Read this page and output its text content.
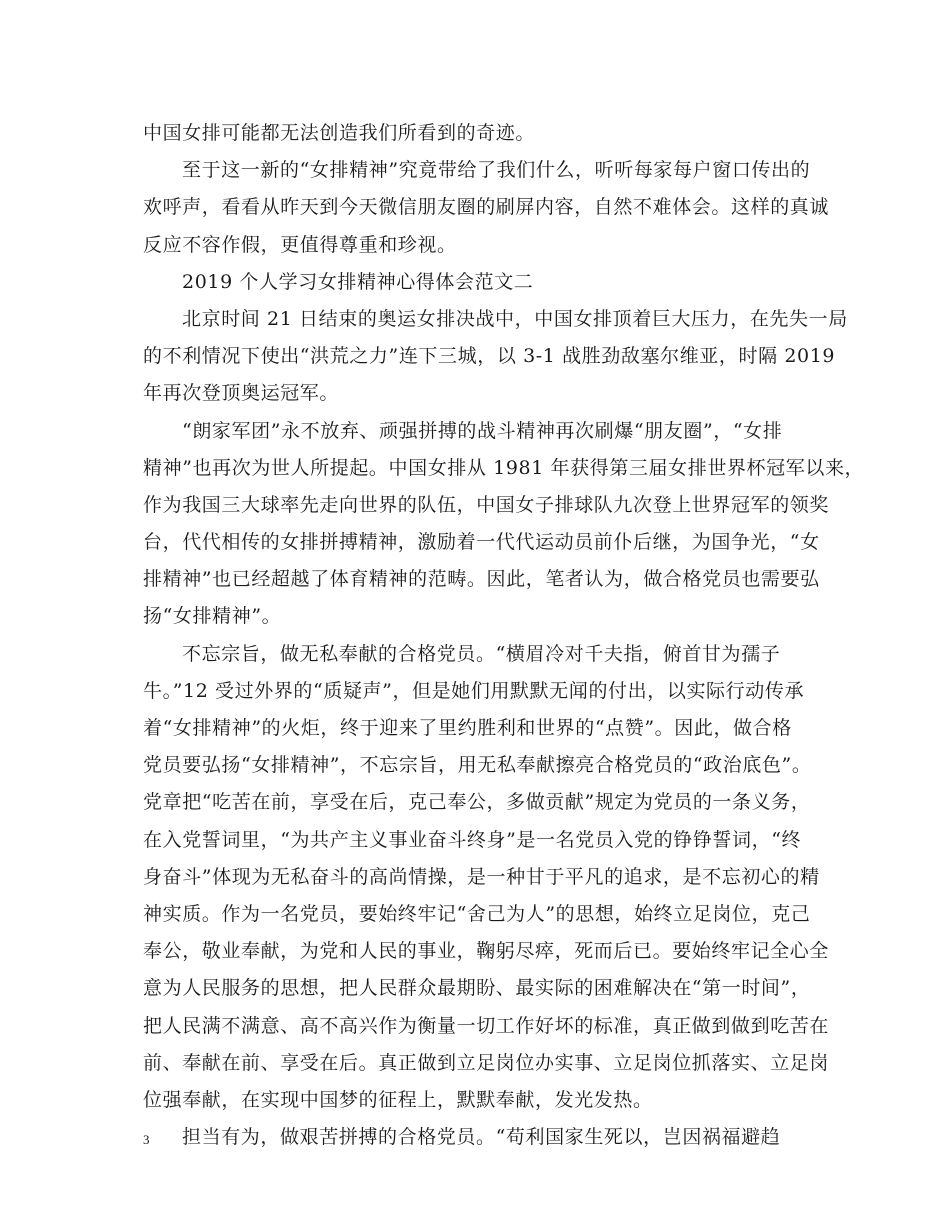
中国女排可能都无法创造我们所看到的奇迹。
至于这一新的“女排精神”究竟带给了我们什么，听听每家每户窗口传出的
欢呼声，看看从昨天到今天微信朋友圈的刷屏内容，自然不难体会。这样的真诚
反应不容作假，更值得尊重和珍视。
2019 个人学习女排精神心得体会范文二
北京时间 21 日结束的奥运女排决战中，中国女排顶着巨大压力，在先失一局
的不利情况下使出“洪荒之力”连下三城，以 3-1 战胜劲敌塞尔维亚，时隔 2019
年再次登顶奥运冠军。
“朗家军团”永不放弃、顽强拼搏的战斗精神再次刷爆“朋友圈”，“女排
精神”也再次为世人所提起。中国女排从 1981 年获得第三届女排世界杯冠军以来，
作为我国三大球率先走向世界的队伍，中国女子排球队九次登上世界冠军的领奖
台，代代相传的女排拼搏精神，激励着一代代运动员前仆后继，为国争光，“女
排精神”也已经超越了体育精神的范畴。因此，笔者认为，做合格党员也需要弘
扬“女排精神”。
不忘宗旨，做无私奉献的合格党员。“横眉冷对千夫指，俯首甘为孺子
牛。”12 受过外界的“质疑声”，但是她们用默默无闻的付出，以实际行动传承
着“女排精神”的火炬，终于迎来了里约胜利和世界的“点赞”。因此，做合格
党员要弘扬“女排精神”，不忘宗旨，用无私奉献擦亮合格党员的“政治底色”。
党章把“吃苦在前，享受在后，克己奉公，多做贡献”规定为党员的一条义务，
在入党誓词里，“为共产主义事业奋斗终身”是一名党员入党的铮铮誓词，“终
身奋斗”体现为无私奋斗的高尚情操，是一种甘于平凡的追求，是不忘初心的精
神实质。作为一名党员，要始终牢记“舍己为人”的思想，始终立足岗位，克己
奉公，敬业奉献，为党和人民的事业，鞠躬尽瘁，死而后已。要始终牢记全心全
意为人民服务的思想，把人民群众最期盼、最实际的困难解决在“第一时间”，
把人民满不满意、高不高兴作为衡量一切工作好坏的标准，真正做到做到吃苦在
前、奉献在前、享受在后。真正做到立足岗位办实事、立足岗位抓落实、立足岗
位强奉献，在实现中国梦的征程上，默默奉献，发光发热。
担当有为，做艰苦拼搏的合格党员。“苟利国家生死以，岂因祸福避趋
3
